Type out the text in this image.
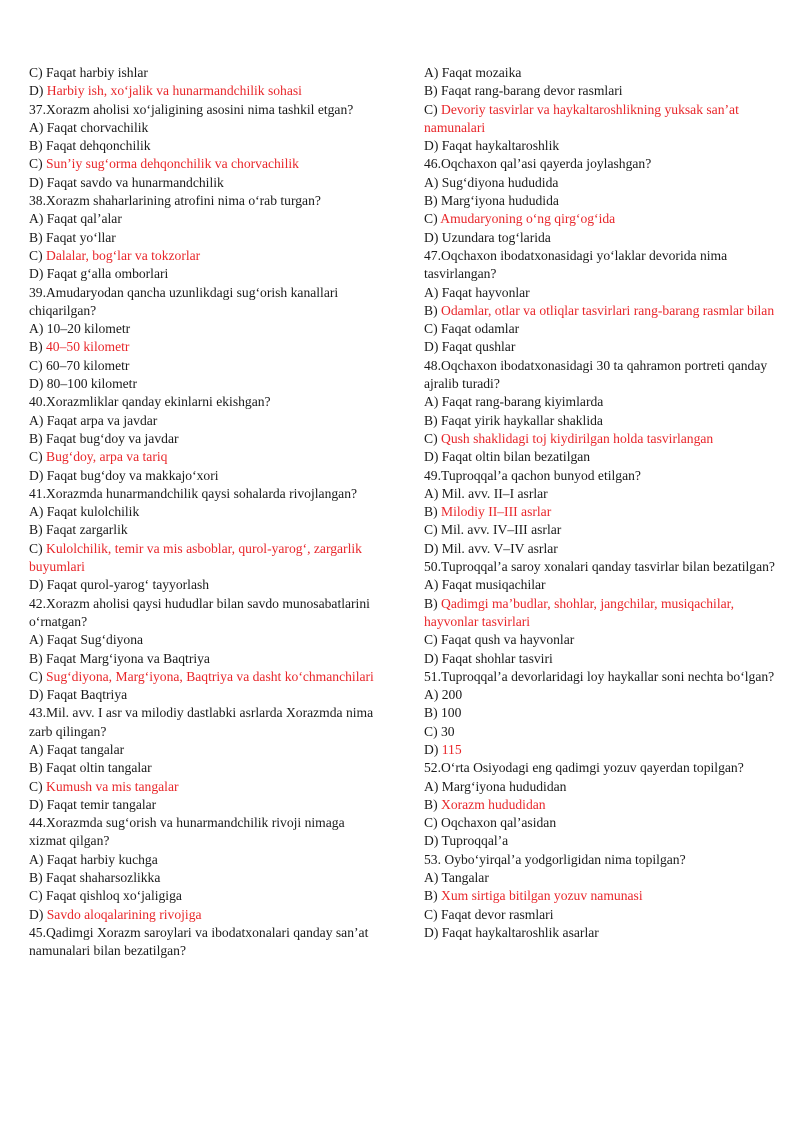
C) Faqat harbiy ishlar
D) Harbiy ish, xo‘jalik va hunarmandchilik sohasi
37.Xorazm aholisi xo‘jaligining asosini nima tashkil etgan?
A) Faqat chorvachilik
B) Faqat dehqonchilik
C) Sun’iy sug‘orma dehqonchilik va chorvachilik
D) Faqat savdo va hunarmandchilik
38.Xorazm shaharlarining atrofini nima o‘rab turgan?
A) Faqat qal’alar
B) Faqat yo‘llar
C) Dalalar, bog‘lar va tokzorlar
D) Faqat g‘alla omborlari
39.Amudaryodan qancha uzunlikdagi sug‘orish kanallari chiqarilgan?
A) 10–20 kilometr
B) 40–50 kilometr
C) 60–70 kilometr
D) 80–100 kilometr
40.Xorazmliklar qanday ekinlarni ekishgan?
A) Faqat arpa va javdar
B) Faqat bug‘doy va javdar
C) Bug‘doy, arpa va tariq
D) Faqat bug‘doy va makkajo‘xori
41.Xorazmda hunarmandchilik qaysi sohalarda rivojlangan?
A) Faqat kulolchilik
B) Faqat zargarlik
C) Kulolchilik, temir va mis asboblar, qurol-yarog‘, zargarlik buyumlari
D) Faqat qurol-yarog‘ tayyorlash
42.Xorazm aholisi qaysi hududlar bilan savdo munosabatlarini o‘rnatgan?
A) Faqat Sug‘diyona
B) Faqat Marg‘iyona va Baqtriya
C) Sug‘diyona, Marg‘iyona, Baqtriya va dasht ko‘chmanchilari
D) Faqat Baqtriya
43.Mil. avv. I asr va milodiy dastlabki asrlarda Xorazmda nima zarb qilingan?
A) Faqat tangalar
B) Faqat oltin tangalar
C) Kumush va mis tangalar
D) Faqat temir tangalar
44.Xorazmda sug‘orish va hunarmandchilik rivoji nimaga xizmat qilgan?
A) Faqat harbiy kuchga
B) Faqat shaharsozlikka
C) Faqat qishloq xo‘jaligiga
D) Savdo aloqalarining rivojiga
45.Qadimgi Xorazm saroylari va ibodatxonalari qanday san’at namunalari bilan bezatilgan?
A) Faqat mozaika
B) Faqat rang-barang devor rasmlari
C) Devoriy tasvirlar va haykaltaroshlikning yuksak san’at namunalari
D) Faqat haykaltaroshlik
46.Oqchaxon qal’asi qayerda joylashgan?
A) Sug‘diyona hududida
B) Marg‘iyona hududida
C) Amudaryoning o‘ng qirg‘og‘ida
D) Uzundara tog‘larida
47.Oqchaxon ibodatxonasidagi yo‘laklar devorida nima tasvirlangan?
A) Faqat hayvonlar
B) Odamlar, otlar va otliqlar tasvirlari rang-barang rasmlar bilan
C) Faqat odamlar
D) Faqat qushlar
48.Oqchaxon ibodatxonasidagi 30 ta qahramon portreti qanday ajralib turadi?
A) Faqat rang-barang kiyimlarda
B) Faqat yirik haykallar shaklida
C) Qush shaklidagi toj kiydirilgan holda tasvirlangan
D) Faqat oltin bilan bezatilgan
49.Tuproqqal’a qachon bunyod etilgan?
A) Mil. avv. II–I asrlar
B) Milodiy II–III asrlar
C) Mil. avv. IV–III asrlar
D) Mil. avv. V–IV asrlar
50.Tuproqqal’a saroy xonalari qanday tasvirlar bilan bezatilgan?
A) Faqat musiqachilar
B) Qadimgi ma’budlar, shohlar, jangchilar, musiqachilar, hayvonlar tasvirlari
C) Faqat qush va hayvonlar
D) Faqat shohlar tasviri
51.Tuproqqal’a devorlaridagi loy haykallar soni nechta bo‘lgan?
A) 200
B) 100
C) 30
D) 115
52.O‘rta Osiyodagi eng qadimgi yozuv qayerdan topilgan?
A) Marg‘iyona hududidan
B) Xorazm hududidan
C) Oqchaxon qal’asidan
D) Tuproqqal’a
53. Oybo‘yirqal’a yodgorligidan nima topilgan?
A) Tangalar
B) Xum sirtiga bitilgan yozuv namunasi
C) Faqat devor rasmlari
D) Faqat haykaltaroshlik asarlar
